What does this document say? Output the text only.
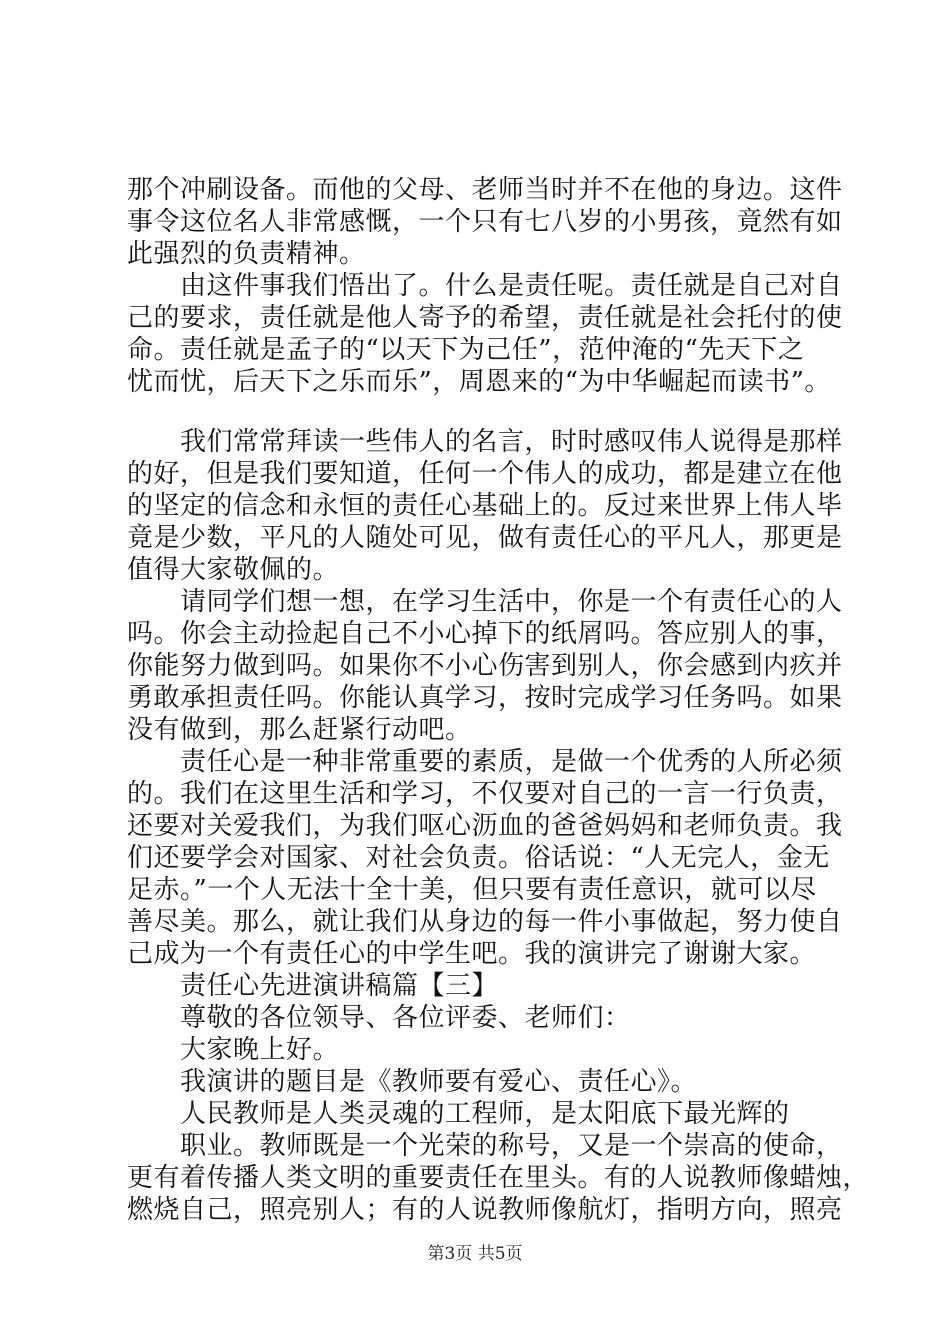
那个冲刷设备。而他的父母、老师当时并不在他的身边。这件
事令这位名人非常感慨，一个只有七八岁的小男孩，竟然有如
此强烈的负责精神。
由这件事我们悟出了。什么是责任呢。责任就是自己对自
己的要求，责任就是他人寄予的希望，责任就是社会托付的使
命。责任就是孟子的“以天下为己任”，范仲淹的“先天下之
忧而忧，后天下之乐而乐”，周恩来的“为中华崛起而读书”。
我们常常拜读一些伟人的名言，时时感叹伟人说得是那样
的好，但是我们要知道，任何一个伟人的成功，都是建立在他
的坚定的信念和永恒的责任心基础上的。反过来世界上伟人毕
竟是少数，平凡的人随处可见，做有责任心的平凡人，那更是
值得大家敬佩的。
请同学们想一想，在学习生活中，你是一个有责任心的人
吗。你会主动捡起自己不小心掉下的纸屑吗。答应别人的事，
你能努力做到吗。如果你不小心伤害到别人，你会感到内疚并
勇敢承担责任吗。你能认真学习，按时完成学习任务吗。如果
没有做到，那么赶紧行动吧。
责任心是一种非常重要的素质，是做一个优秀的人所必须
的。我们在这里生活和学习，不仅要对自己的一言一行负责，
还要对关爱我们，为我们呕心沥血的爸爸妈妈和老师负责。我
们还要学会对国家、对社会负责。俗话说：“人无完人，金无
足赤。”一个人无法十全十美，但只要有责任意识，就可以尽
善尽美。那么，就让我们从身边的每一件小事做起，努力使自
己成为一个有责任心的中学生吧。我的演讲完了谢谢大家。
责任心先进演讲稿篇【三】
尊敬的各位领导、各位评委、老师们：
大家晚上好。
我演讲的题目是《教师要有爱心、责任心》。
人民教师是人类灵魂的工程师，是太阳底下最光辉的
职业。教师既是一个光荣的称号，又是一个崇高的使命，
更有着传播人类文明的重要责任在里头。有的人说教师像蜡烛，
燃烧自己，照亮别人；有的人说教师像航灯，指明方向，照亮
第3页 共5页
